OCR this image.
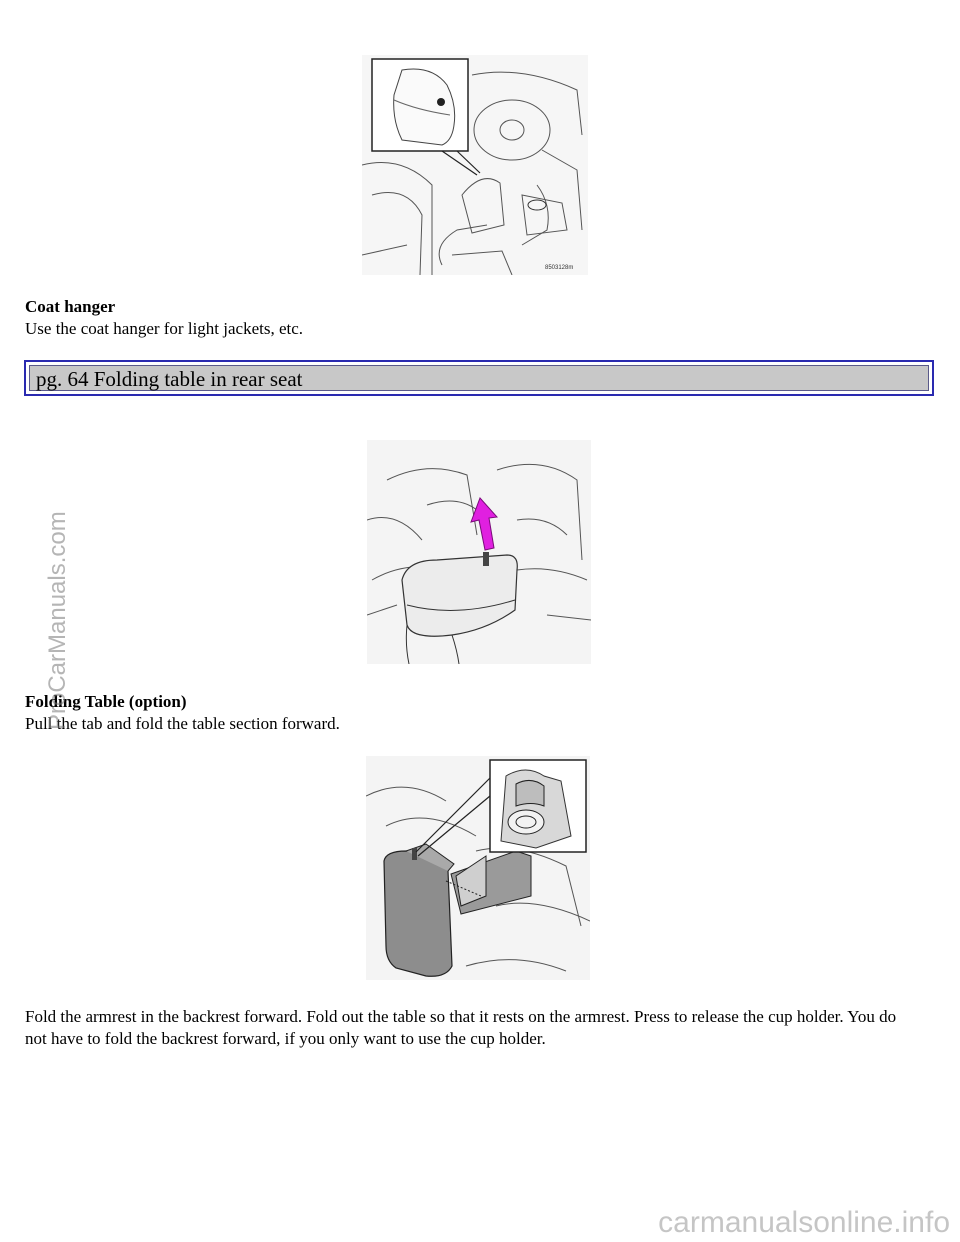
8503128m
Coat hanger
Use the coat hanger for light jackets, etc.
pg. 64 Folding table in rear seat
Folding Table (option)
Pull the tab and fold the table section forward.
Fold the armrest in the backrest forward. Fold out the table so that it rests on the armrest. Press to release the cup holder. You do not have to fold the backrest forward, if you only want to use the cup holder.
ProCarManuals.com
carmanualsonline.info
